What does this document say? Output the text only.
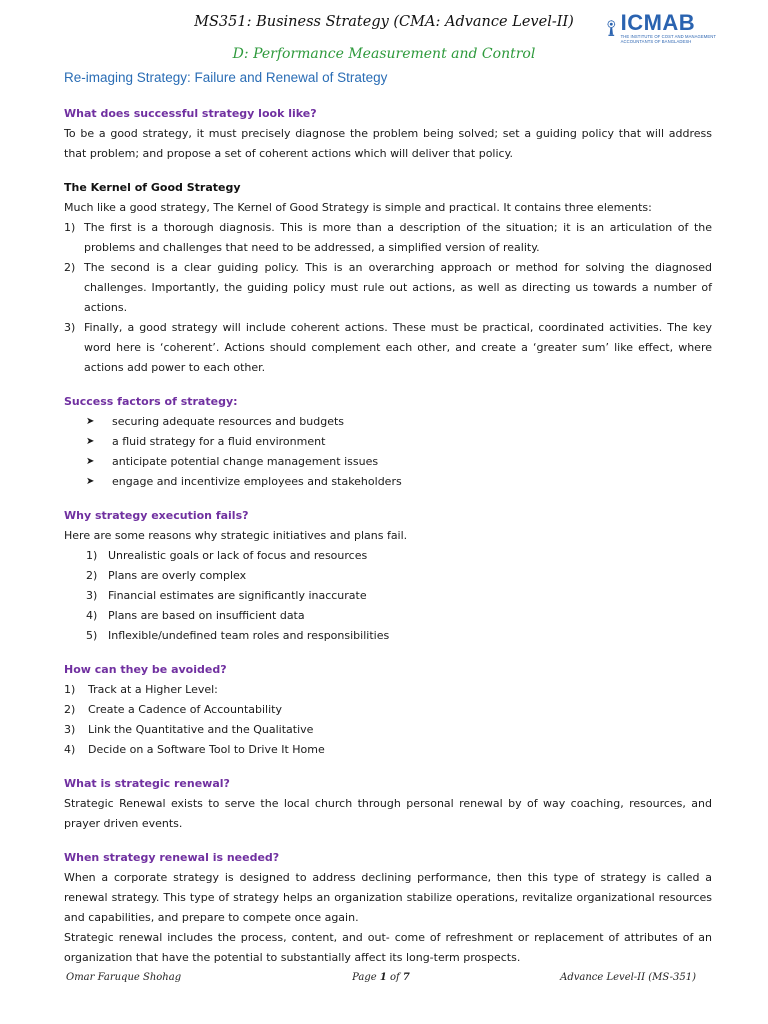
MS351: Business Strategy (CMA: Advance Level-II)	ICMAB
THE INSTITUTE OF COST AND MANAGEMENT
ACCOUNTANTS OF BANGLADESH
D: Performance Measurement and Control
Re-imaging Strategy: Failure and Renewal of Strategy
What does successful strategy look like?

To be a good strategy, it must precisely diagnose the problem being solved; set a guiding policy that will address that problem; and propose a set of coherent actions which will deliver that policy.

The Kernel of Good Strategy

Much like a good strategy, The Kernel of Good Strategy is simple and practical. It contains three elements:

1) The first is a thorough diagnosis. This is more than a description of the situation; it is an articulation of the problems and challenges that need to be addressed, a simplified version of reality.
2) The second is a clear guiding policy. This is an overarching approach or method for solving the diagnosed challenges. Importantly, the guiding policy must rule out actions, as well as directing us towards a number of actions.
3) Finally, a good strategy will include coherent actions. These must be practical, coordinated activities. The key word here is ‘coherent’. Actions should complement each other, and create a ‘greater sum’ like effect, where actions add power to each other.
Success factors of strategy:
➤ securing adequate resources and budgets
➤ a fluid strategy for a fluid environment
➤ anticipate potential change management issues
➤ engage and incentivize employees and stakeholders
Why strategy execution fails?

Here are some reasons why strategic initiatives and plans fail.

1) Unrealistic goals or lack of focus and resources
2) Plans are overly complex
3) Financial estimates are significantly inaccurate
4) Plans are based on insufficient data
5) Inflexible/undefined team roles and responsibilities
How can they be avoided?
1) Track at a Higher Level:
2) Create a Cadence of Accountability
3) Link the Quantitative and the Qualitative
4) Decide on a Software Tool to Drive It Home
What is strategic renewal?

Strategic Renewal exists to serve the local church through personal renewal by of way coaching, resources, and prayer driven events.

When strategy renewal is needed?

When a corporate strategy is designed to address declining performance, then this type of strategy is called a renewal strategy. This type of strategy helps an organization stabilize operations, revitalize organizational resources and capabilities, and prepare to compete once again.

Strategic renewal includes the process, content, and out- come of refreshment or replacement of attributes of an organization that have the potential to substantially affect its long-term prospects.

Omar Faruque Shohag	Page 1 of 7	Advance Level-II (MS-351)
